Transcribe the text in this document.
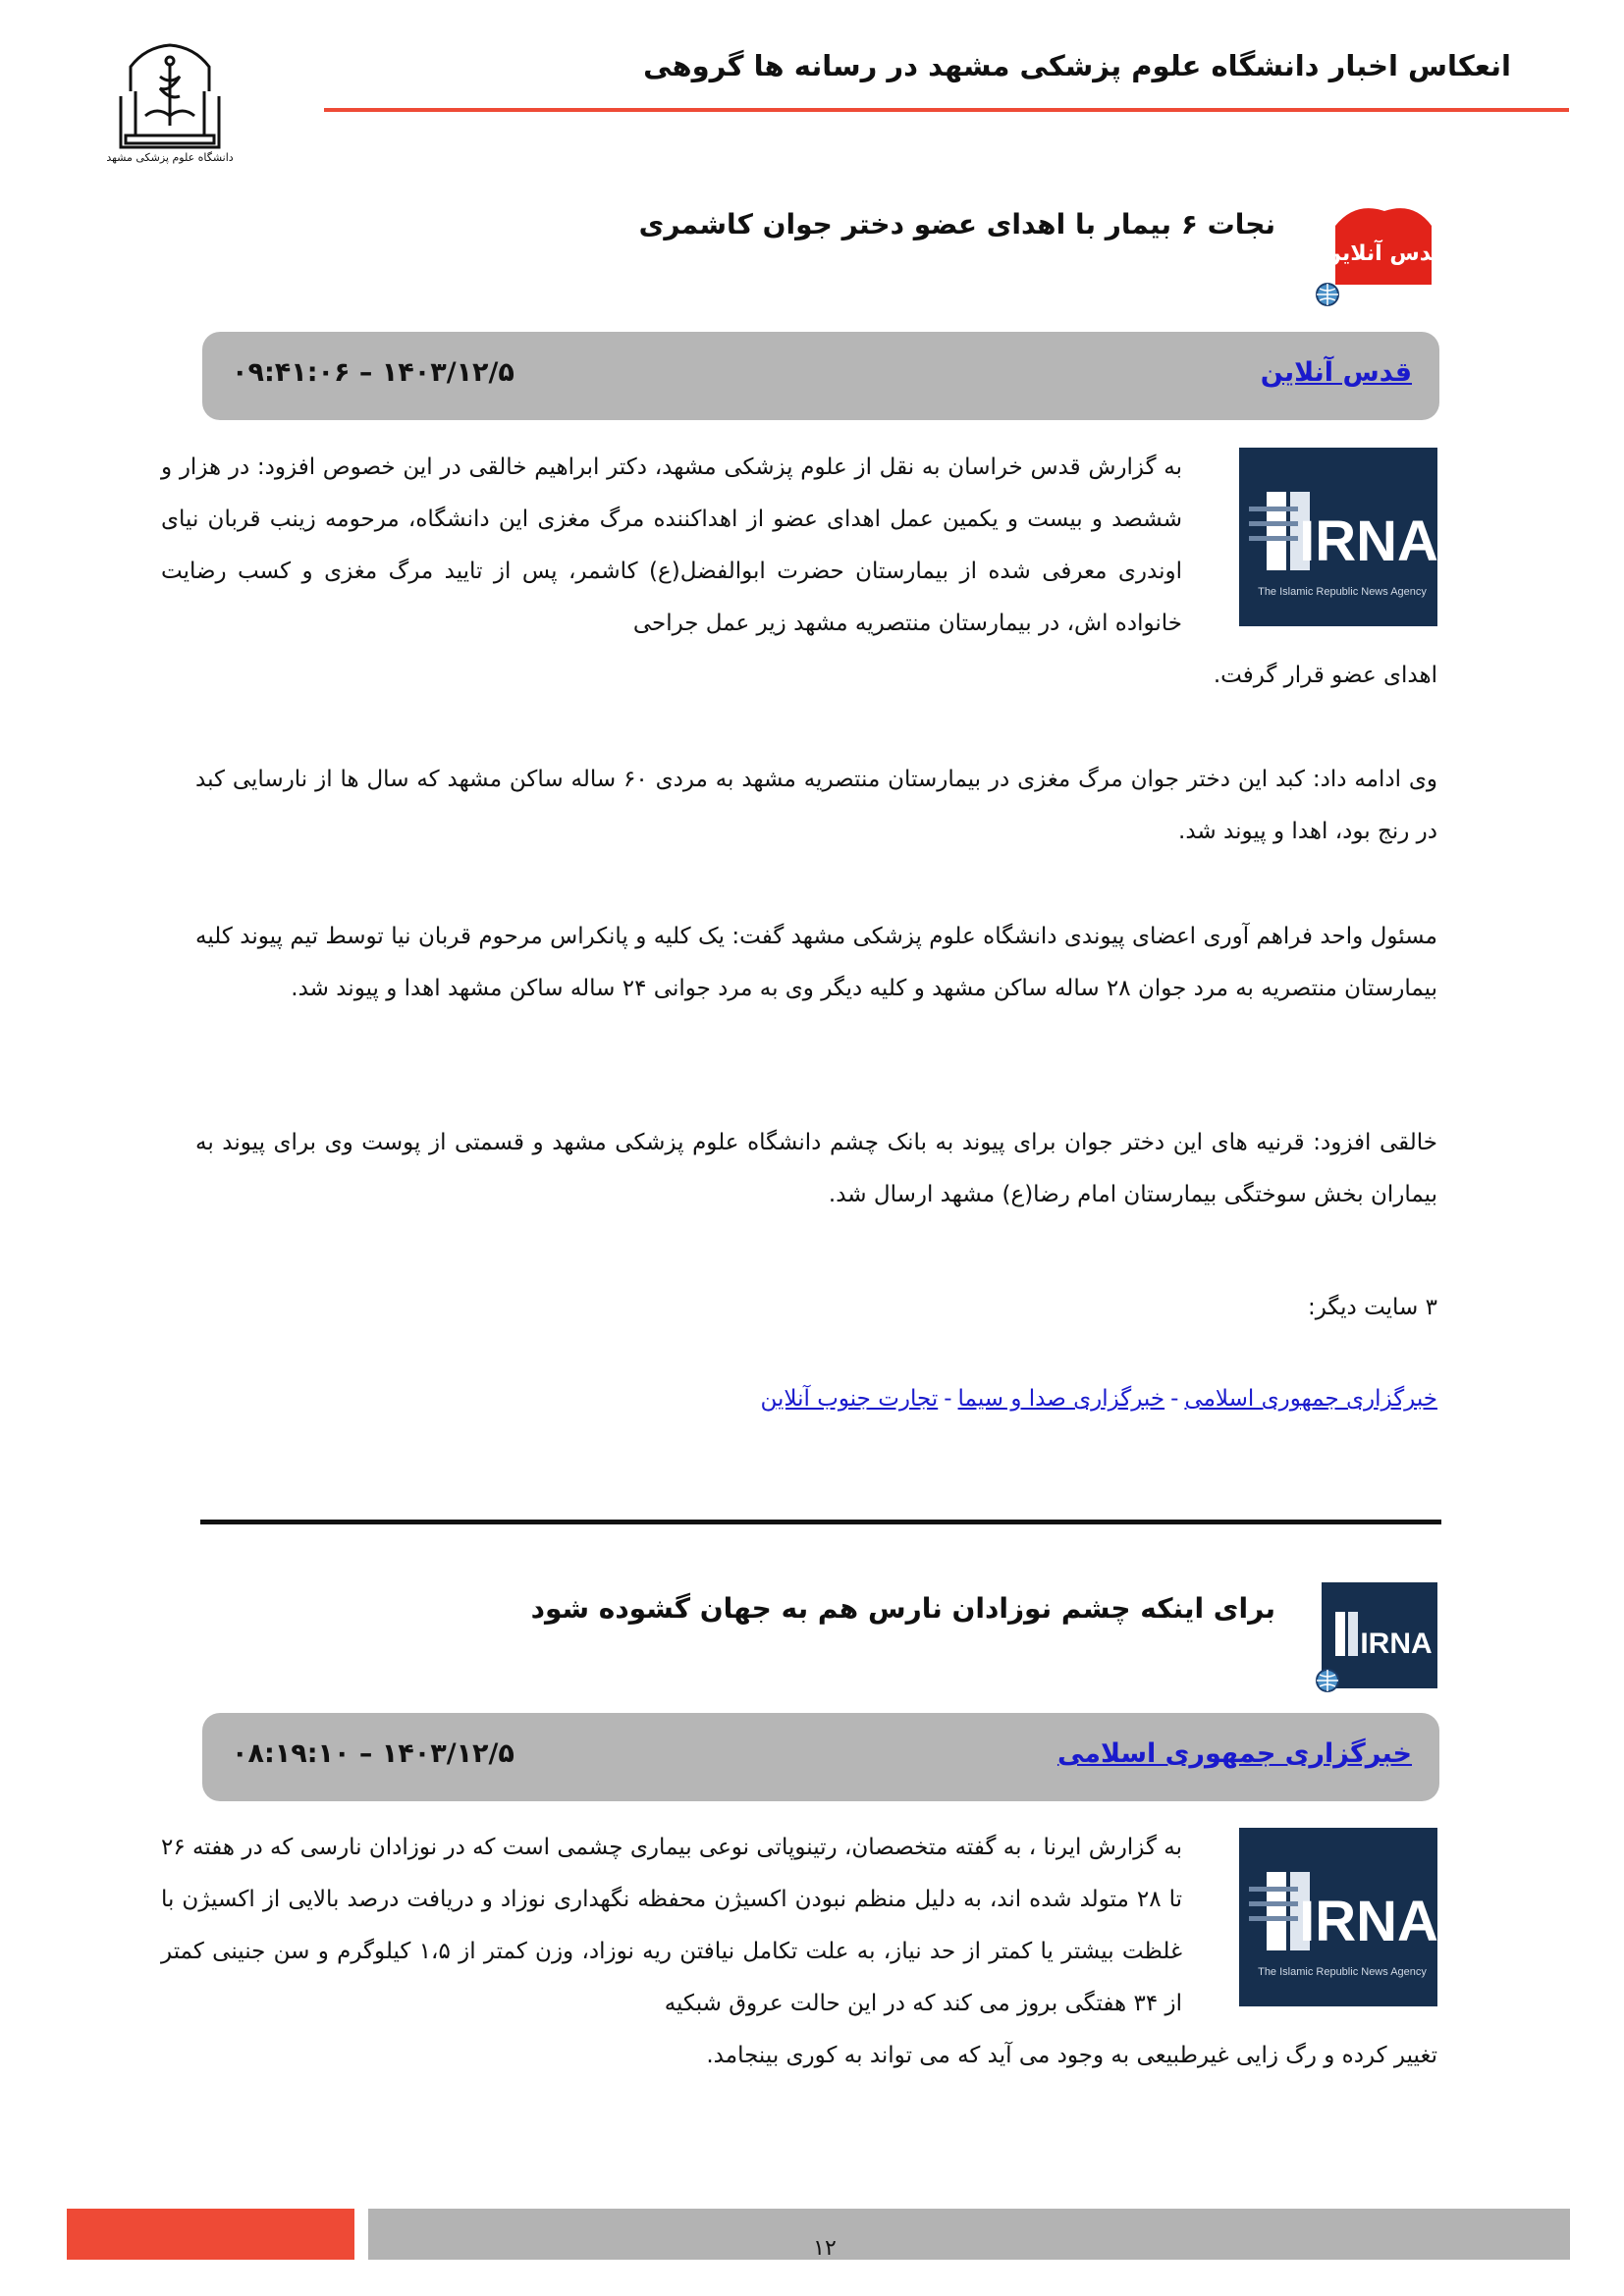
دانشگاه علوم پزشکی مشهد
انعکاس اخبار دانشگاه علوم پزشکی مشهد در رسانه ها گروهی
قدس آنلاین
نجات ۶ بیمار با اهدای عضو دختر جوان کاشمری
قدس آنلاین
۱۴۰۳/۱۲/۵ – ۰۹:۴۱:۰۶
IRNA
The Islamic Republic News Agency
به گزارش قدس خراسان به نقل از علوم پزشکی مشهد، دکتر ابراهیم خالقی در این خصوص افزود: در هزار و ششصد و بیست و یکمین عمل اهدای عضو از اهداکننده مرگ مغزی این دانشگاه، مرحومه زینب قربان نیای اوندری معرفی شده از بیمارستان حضرت ابوالفضل(ع) کاشمر، پس از تایید مرگ مغزی و کسب رضایت خانواده اش، در بیمارستان منتصریه مشهد زیر عمل جراحی
اهدای عضو قرار گرفت.
وی ادامه داد: کبد این دختر جوان مرگ مغزی در بیمارستان منتصریه مشهد به مردی ۶۰ ساله ساکن مشهد که سال ها از نارسایی کبد در رنج بود، اهدا و پیوند شد.
مسئول واحد فراهم آوری اعضای پیوندی دانشگاه علوم پزشکی مشهد گفت: یک کلیه و پانکراس مرحوم قربان نیا توسط تیم پیوند کلیه بیمارستان منتصریه به مرد جوان ۲۸ ساله ساکن مشهد و کلیه دیگر وی به مرد جوانی ۲۴ ساله ساکن مشهد اهدا و پیوند شد.
خالقی افزود: قرنیه های این دختر جوان برای پیوند به بانک چشم دانشگاه علوم پزشکی مشهد و قسمتی از پوست وی برای پیوند به بیماران بخش سوختگی بیمارستان امام رضا(ع) مشهد ارسال شد.
۳ سایت دیگر:
خبرگزاری جمهوری اسلامی-خبرگزاری صدا و سیما-تجارت جنوب آنلاین
IRNA
برای اینکه چشم نوزادان نارس هم به جهان گشوده شود
خبرگزاری جمهوری اسلامی
۱۴۰۳/۱۲/۵ – ۰۸:۱۹:۱۰
IRNA
The Islamic Republic News Agency
به گزارش ایرنا ، به گفته متخصصان، رتینوپاتی نوعی بیماری چشمی است که در نوزادان نارسی که در هفته ۲۶ تا ۲۸ متولد شده اند، به دلیل منظم نبودن اکسیژن محفظه نگهداری نوزاد و دریافت درصد بالایی از اکسیژن با غلظت بیشتر یا کمتر از حد نیاز، به علت تکامل نیافتن ریه نوزاد، وزن کمتر از ۱،۵ کیلوگرم و سن جنینی کمتر از ۳۴ هفتگی بروز می کند که در این حالت عروق شبکیه
تغییر کرده و رگ زایی غیرطبیعی به وجود می آید که می تواند به کوری بینجامد.
۱۲
